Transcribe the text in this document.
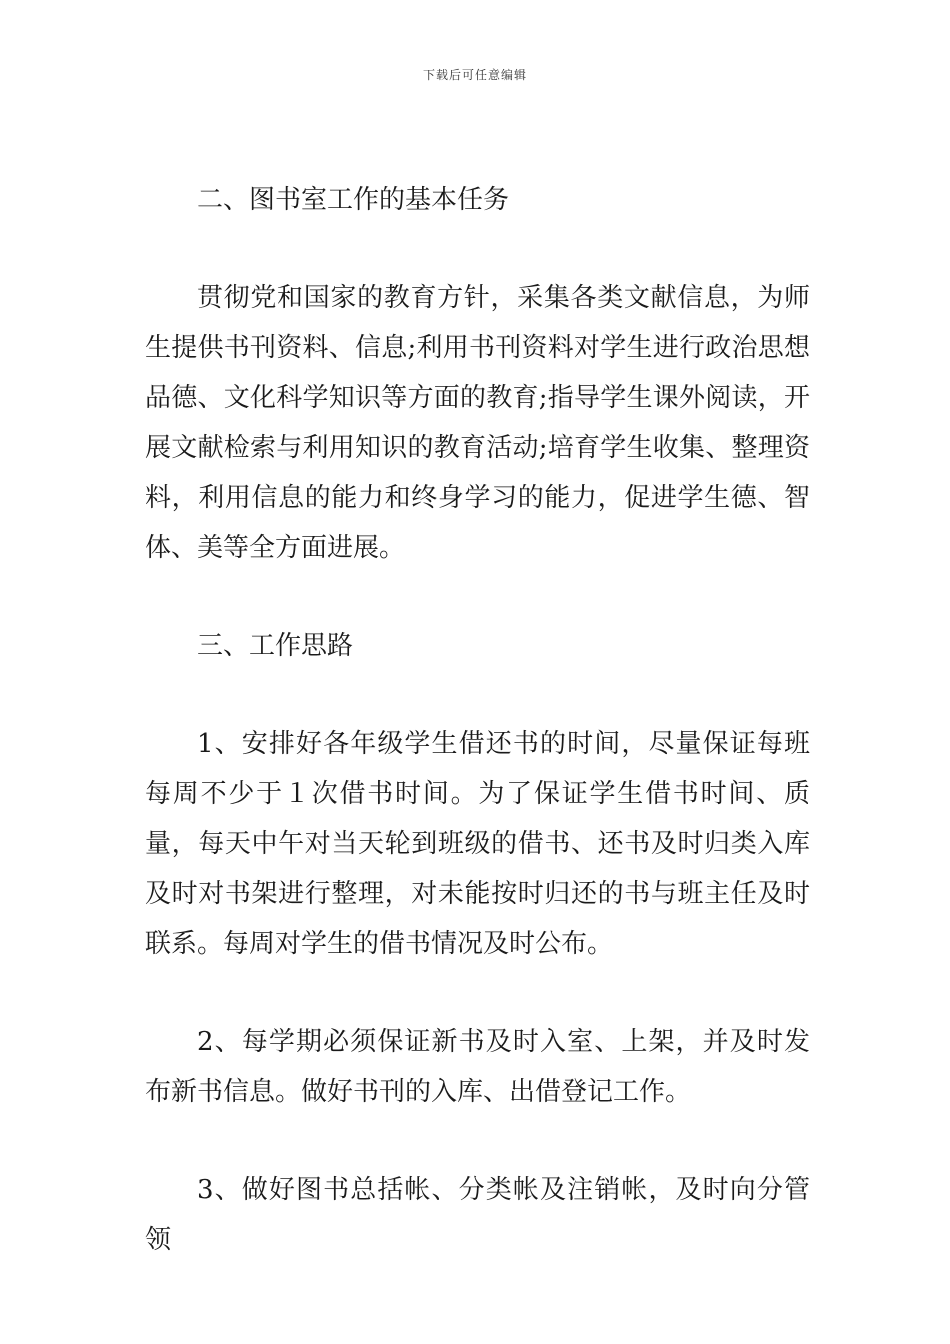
下载后可任意编辑

二、图书室工作的基本任务

贯彻党和国家的教育方针，采集各类文献信息，为师生提供书刊资料、信息;利用书刊资料对学生进行政治思想品德、文化科学知识等方面的教育;指导学生课外阅读，开展文献检索与利用知识的教育活动;培育学生收集、整理资料，利用信息的能力和终身学习的能力，促进学生德、智体、美等全方面进展。

三、工作思路

1、安排好各年级学生借还书的时间，尽量保证每班每周不少于１次借书时间。为了保证学生借书时间、质量，每天中午对当天轮到班级的借书、还书及时归类入库及时对书架进行整理，对未能按时归还的书与班主任及时联系。每周对学生的借书情况及时公布。

2、每学期必须保证新书及时入室、上架，并及时发布新书信息。做好书刊的入库、出借登记工作。

3、做好图书总括帐、分类帐及注销帐，及时向分管领
